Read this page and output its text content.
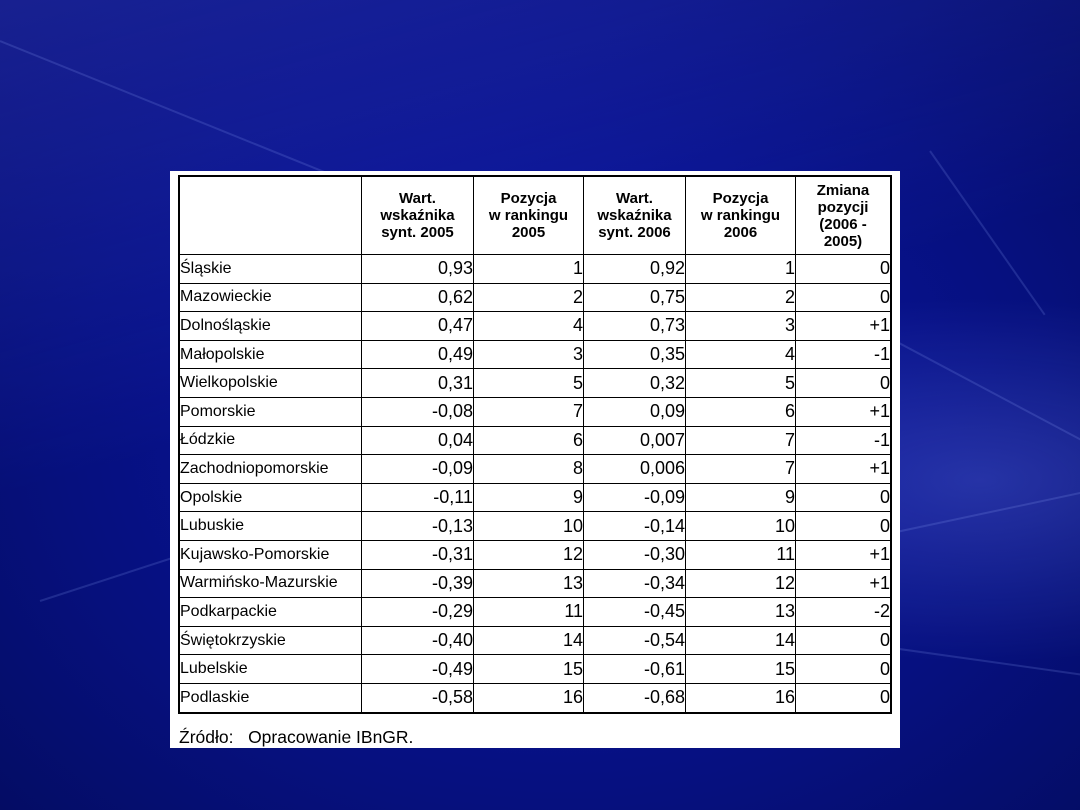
	Wart.
wskaźnika
synt. 2005	Pozycja
w rankingu
2005	Wart.
wskaźnika
synt. 2006	Pozycja
w rankingu
2006	Zmiana
pozycji
(2006 -
2005)
Śląskie	0,93	1	0,92	1	0
Mazowieckie	0,62	2	0,75	2	0
Dolnośląskie	0,47	4	0,73	3	+1
Małopolskie	0,49	3	0,35	4	-1
Wielkopolskie	0,31	5	0,32	5	0
Pomorskie	-0,08	7	0,09	6	+1
Łódzkie	0,04	6	0,007	7	-1
Zachodniopomorskie	-0,09	8	0,006	7	+1
Opolskie	-0,11	9	-0,09	9	0
Lubuskie	-0,13	10	-0,14	10	0
Kujawsko-Pomorskie	-0,31	12	-0,30	11	+1
Warmińsko-Mazurskie	-0,39	13	-0,34	12	+1
Podkarpackie	-0,29	11	-0,45	13	-2
Świętokrzyskie	-0,40	14	-0,54	14	0
Lubelskie	-0,49	15	-0,61	15	0
Podlaskie	-0,58	16	-0,68	16	0
Źródło: Opracowanie IBnGR.
